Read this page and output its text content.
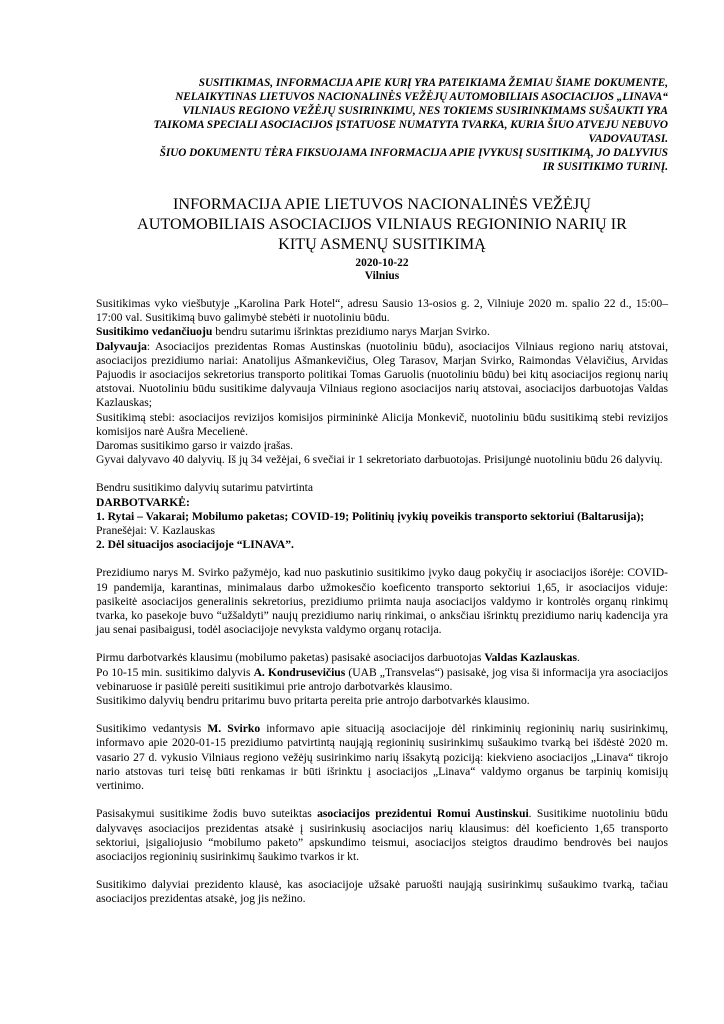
SUSITIKIMAS, INFORMACIJA APIE KURĮ YRA PATEIKIAMA ŽEMIAU ŠIAME DOKUMENTE,
NELAIKYTINAS LIETUVOS NACIONALINĖS VEŽĖJŲ AUTOMOBILIAIS ASOCIACIJOS „LINAVA“
VILNIAUS REGIONO VEŽĖJŲ SUSIRINKIMU, NES TOKIEMS SUSIRINKIMAMS SUŠAUKTI YRA
TAIKOMA SPECIALI ASOCIACIJOS ĮSTATUOSE NUMATYTA TVARKA, KURIA ŠIUO ATVEJU NEBUVO
VADOVAUTASI.
ŠIUO DOKUMENTU TĖRA FIKSUOJAMA INFORMACIJA APIE ĮVYKUSĮ SUSITIKIMĄ, JO DALYVIUS
IR SUSITIKIMO TURINĮ.
INFORMACIJA APIE LIETUVOS NACIONALINĖS VEŽĖJŲ
AUTOMOBILIAIS ASOCIACIJOS VILNIAUS REGIONINIO NARIŲ IR
KITŲ ASMENŲ SUSITIKIMĄ
2020-10-22
Vilnius

Susitikimas vyko viešbutyje „Karolina Park Hotel“, adresu Sausio 13-osios g. 2, Vilniuje 2020 m. spalio 22 d., 15:00–17:00 val. Susitikimą buvo galimybė stebėti ir nuotoliniu būdu.

Susitikimo vedančiuoju bendru sutarimu išrinktas prezidiumo narys Marjan Svirko.

Dalyvauja: Asociacijos prezidentas Romas Austinskas (nuotoliniu būdu), asociacijos Vilniaus regiono narių atstovai, asociacijos prezidiumo nariai: Anatolijus Ašmankevičius, Oleg Tarasov, Marjan Svirko, Raimondas Vėlavičius, Arvidas Pajuodis ir asociacijos sekretorius transporto politikai Tomas Garuolis (nuotoliniu būdu) bei kitų asociacijos regionų narių atstovai. Nuotoliniu būdu susitikime dalyvauja Vilniaus regiono asociacijos narių atstovai, asociacijos darbuotojas Valdas Kazlauskas;

Susitikimą stebi: asociacijos revizijos komisijos pirmininkė Alicija Monkevič, nuotoliniu būdu susitikimą stebi revizijos komisijos narė Aušra Mecelienė.

Daromas susitikimo garso ir vaizdo įrašas.

Gyvai dalyvavo 40 dalyvių. Iš jų 34 vežėjai, 6 svečiai ir 1 sekretoriato darbuotojas. Prisijungė nuotoliniu būdu 26 dalyvių.

Bendru susitikimo dalyvių sutarimu patvirtinta

DARBOTVARKĖ:

1. Rytai – Vakarai; Mobilumo paketas; COVID-19; Politinių įvykių poveikis transporto sektoriui (Baltarusija);

Pranešėjai: V. Kazlauskas

2. Dėl situacijos asociacijoje “LINAVA”.

Prezidiumo narys M. Svirko pažymėjo, kad nuo paskutinio susitikimo įvyko daug pokyčių ir asociacijos išorėje: COVID-19 pandemija, karantinas, minimalaus darbo užmokesčio koeficento transporto sektoriui 1,65, ir asociacijos viduje: pasikeitė asociacijos generalinis sekretorius, prezidiumo priimta nauja asociacijos valdymo ir kontrolės organų rinkimų tvarka, ko pasekoje buvo “užšaldyti” naujų prezidiumo narių rinkimai, o anksčiau išrinktų prezidiumo narių kadencija yra jau senai pasibaigusi, todėl asociacijoje nevyksta valdymo organų rotacija.

Pirmu darbotvarkės klausimu (mobilumo paketas) pasisakė asociacijos darbuotojas Valdas Kazlauskas.

Po 10-15 min. susitikimo dalyvis A. Kondrusevičius (UAB „Transvelas“) pasisakė, jog visa ši informacija yra asociacijos vebinaruose ir pasiūlė pereiti susitikimui prie antrojo darbotvarkės klausimo.

Susitikimo dalyvių bendru pritarimu buvo pritarta pereita prie antrojo darbotvarkės klausimo.

Susitikimo vedantysis M. Svirko informavo apie situaciją asociacijoje dėl rinkiminių regioninių narių susirinkimų, informavo apie 2020-01-15 prezidiumo patvirtintą naująją regioninių susirinkimų sušaukimo tvarką bei išdėstė 2020 m. vasario 27 d. vykusio Vilniaus regiono vežėjų susirinkimo narių išsakytą poziciją: kiekvieno asociacijos „Linava“ tikrojo nario atstovas turi teisę būti renkamas ir būti išrinktu į asociacijos „Linava“ valdymo organus be tarpinių komisijų vertinimo.

Pasisakymui susitikime žodis buvo suteiktas asociacijos prezidentui Romui Austinskui. Susitikime nuotoliniu būdu dalyvavęs asociacijos prezidentas atsakė į susirinkusių asociacijos narių klausimus: dėl koeficiento 1,65 transporto sektoriui, įsigaliojusio “mobilumo paketo” apskundimo teismui, asociacijos steigtos draudimo bendrovės bei naujos asociacijos regioninių susirinkimų šaukimo tvarkos ir kt.

Susitikimo dalyviai prezidento klausė, kas asociacijoje užsakė paruošti naująją susirinkimų sušaukimo tvarką, tačiau asociacijos prezidentas atsakė, jog jis nežino.
